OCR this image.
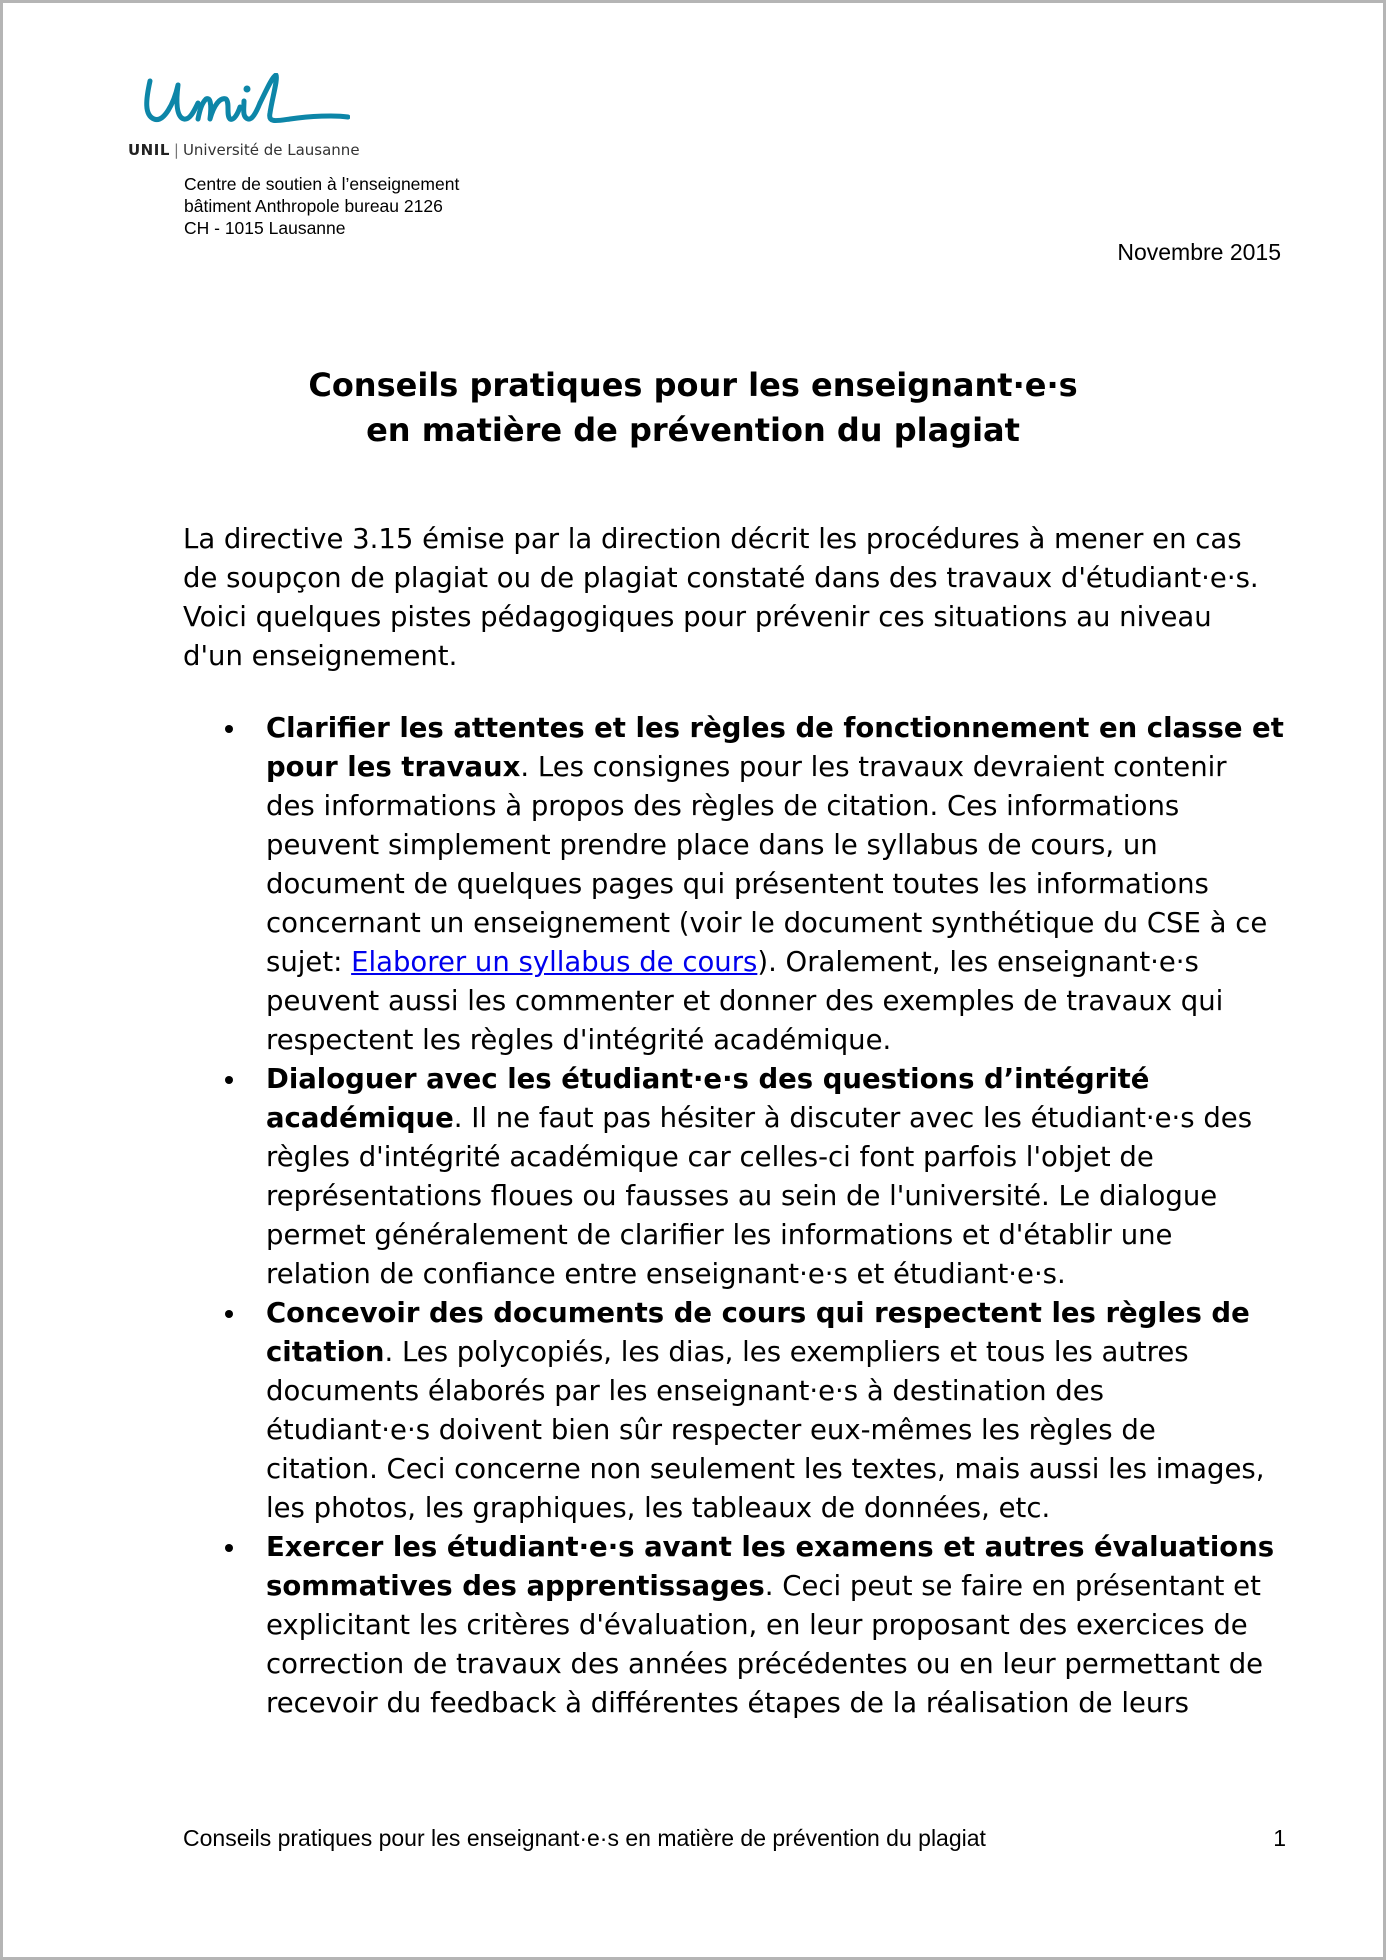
UNIL | Université de Lausanne
Centre de soutien à l’enseignement
bâtiment Anthropole bureau 2126
CH - 1015 Lausanne
Novembre 2015
Conseils pratiques pour les enseignant·e·s
en matière de prévention du plagiat
La directive 3.15 émise par la direction décrit les procédures à mener en cas
de soupçon de plagiat ou de plagiat constaté dans des travaux d'étudiant·e·s.
Voici quelques pistes pédagogiques pour prévenir ces situations au niveau
d'un enseignement.
Clarifier les attentes et les règles de fonctionnement en classe et
pour les travaux. Les consignes pour les travaux devraient contenir
des informations à propos des règles de citation. Ces informations
peuvent simplement prendre place dans le syllabus de cours, un
document de quelques pages qui présentent toutes les informations
concernant un enseignement (voir le document synthétique du CSE à ce
sujet: Elaborer un syllabus de cours). Oralement, les enseignant·e·s
peuvent aussi les commenter et donner des exemples de travaux qui
respectent les règles d'intégrité académique.
Dialoguer avec les étudiant·e·s des questions d’intégrité
académique. Il ne faut pas hésiter à discuter avec les étudiant·e·s des
règles d'intégrité académique car celles-ci font parfois l'objet de
représentations floues ou fausses au sein de l'université. Le dialogue
permet généralement de clarifier les informations et d'établir une
relation de confiance entre enseignant·e·s et étudiant·e·s.
Concevoir des documents de cours qui respectent les règles de
citation. Les polycopiés, les dias, les exempliers et tous les autres
documents élaborés par les enseignant·e·s à destination des
étudiant·e·s doivent bien sûr respecter eux-mêmes les règles de
citation. Ceci concerne non seulement les textes, mais aussi les images,
les photos, les graphiques, les tableaux de données, etc.
Exercer les étudiant·e·s avant les examens et autres évaluations
sommatives des apprentissages. Ceci peut se faire en présentant et
explicitant les critères d'évaluation, en leur proposant des exercices de
correction de travaux des années précédentes ou en leur permettant de
recevoir du feedback à différentes étapes de la réalisation de leurs
Conseils pratiques pour les enseignant·e·s en matière de prévention du plagiat	1
